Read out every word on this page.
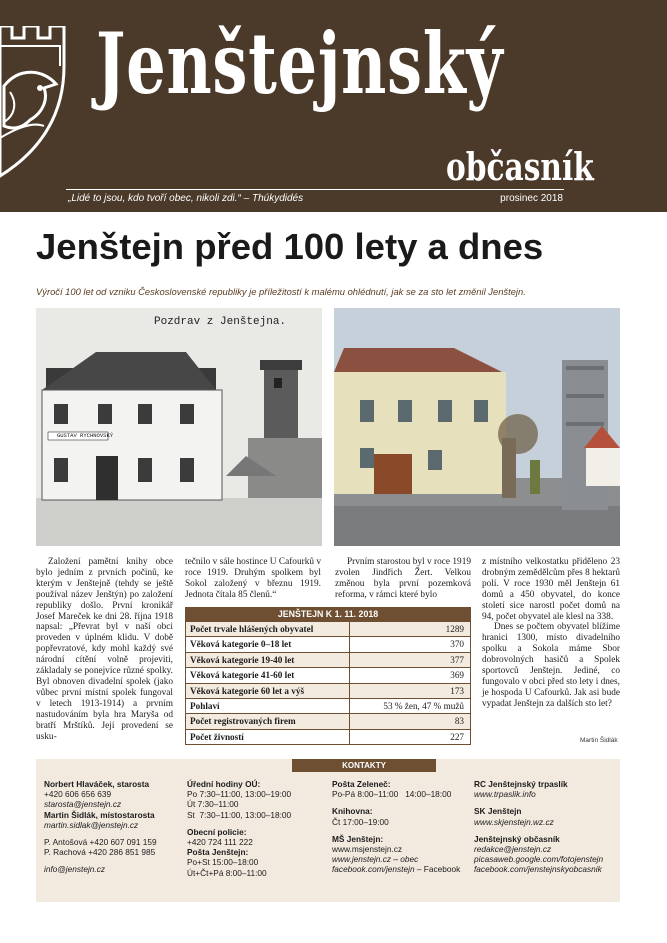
Jenštejnský
občasník
„Lidé to jsou, kdo tvoří obec, nikoli zdi.“ – Thúkydidés	prosinec 2018
Jenštejn před 100 lety a dnes
Výročí 100 let od vzniku Československé republiky je příležitostí k malému ohlédnutí, jak se za sto let změnil Jenštejn.
Pozdrav z Jenštejna.
GUSTAV RYCHNOVSKÝ
Založení pamětní knihy obce bylo jedním z prvních počinů, ke kterým v Jenštejně (tehdy se ještě používal název Jenštýn) po založení republiky došlo. První kronikář Josef Mareček ke dni 28. října 1918 napsal: „Převrat byl v naší obci proveden v úplném klidu. V době popřevratové, kdy mohl každý své národní cítění volně projeviti, základaly se ponejvíce různé spolky. Byl obnoven divadelní spolek (jako vůbec první místní spolek fungoval v letech 1913-1914) a prvním nastudováním byla hra Maryša od bratří Mrštíků. Její provedení se usku-
tečnilo v sále hostince U Cafourků v roce 1919. Druhým spolkem byl Sokol založený v březnu 1919. Jednota čítala 85 členů.“
Prvním starostou byl v roce 1919 zvolen Jindřich Žert. Velkou změnou byla první pozemková reforma, v rámci které bylo

z místního velkostatku přiděleno 23 drobným zemědělcům přes 8 hektarů polí. V roce 1930 měl Jenštejn 61 domů a 450 obyvatel, do konce století sice narostl počet domů na 94, počet obyvatel ale klesl na 338.

Dnes se počtem obyvatel blížíme hranici 1300, místo divadelního spolku a Sokola máme Sbor dobrovolných hasičů a Spolek sportovců Jenštejn. Jediné, co fungovalo v obci před sto lety i dnes, je hospoda U Cafourků. Jak asi bude vypadat Jenštejn za dalších sto let?

Martin Šidlák
JENŠTEJN K 1. 11. 2018
Počet trvale hlášených obyvatel	1289
Věková kategorie 0–18 let	370
Věková kategorie 19-40 let	377
Věková kategorie 41-60 let	369
Věková kategorie 60 let a výš	173
Pohlaví	53 % žen, 47 % mužů
Počet registrovaných firem	83
Počet živností	227
KONTAKTY
Norbert Hlaváček, starosta
+420 606 656 639
starosta@jenstejn.cz
Martin Šidlák, místostarosta
martin.sidlak@jenstejn.cz
P. Antošová +420 607 091 159
P. Rachová +420 286 851 985
info@jenstejn.cz
Úřední hodiny OÚ:
Po 7:30–11:00, 13:00–19:00
Út 7:30–11:00
St  7:30–11:00, 13:00–18:00
Obecní policie:
+420 724 111 222
Pošta Jenštejn:
Po+St 15:00–18:00
Út+Čt+Pá 8:00–11:00
Pošta Zeleneč:
Po-Pá 8:00–11:00   14:00–18:00
Knihovna:
Čt 17:00–19:00
MŠ Jenštejn:
www.msjenstejn.cz
www.jenstejn.cz – obec
facebook.com/jenstejn – Facebook
RC Jenštejnský trpaslík
www.trpaslik.info
SK Jenštejn
www.skjenstejn.wz.cz
Jenštejnský občasník
redakce@jenstejn.cz
picasaweb.google.com/fotojenstejn
facebook.com/jenstejnskyobcasnik
